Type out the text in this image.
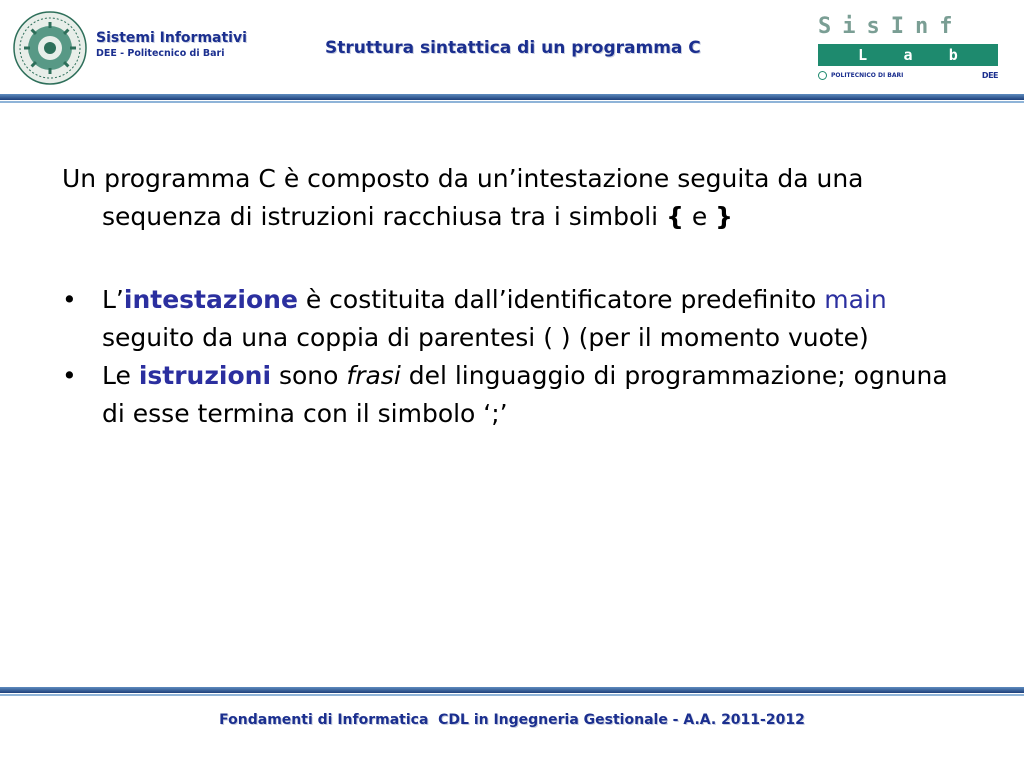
Sistemi Informativi
DEE - Politecnico di Bari	Struttura sintattica di un programma C
SisInf
L a b
POLITECNICO DI BARI	DEE

Un programma C è composto da un’intestazione seguita da una sequenza di istruzioni racchiusa tra i simboli { e }

•	L’intestazione è costituita dall’identificatore predefinito main seguito da una coppia di parentesi ( ) (per il momento vuote)
•	Le istruzioni sono frasi del linguaggio di programmazione; ognuna di esse termina con il simbolo ‘;’
Fondamenti di Informatica  CDL in Ingegneria Gestionale - A.A. 2011-2012
